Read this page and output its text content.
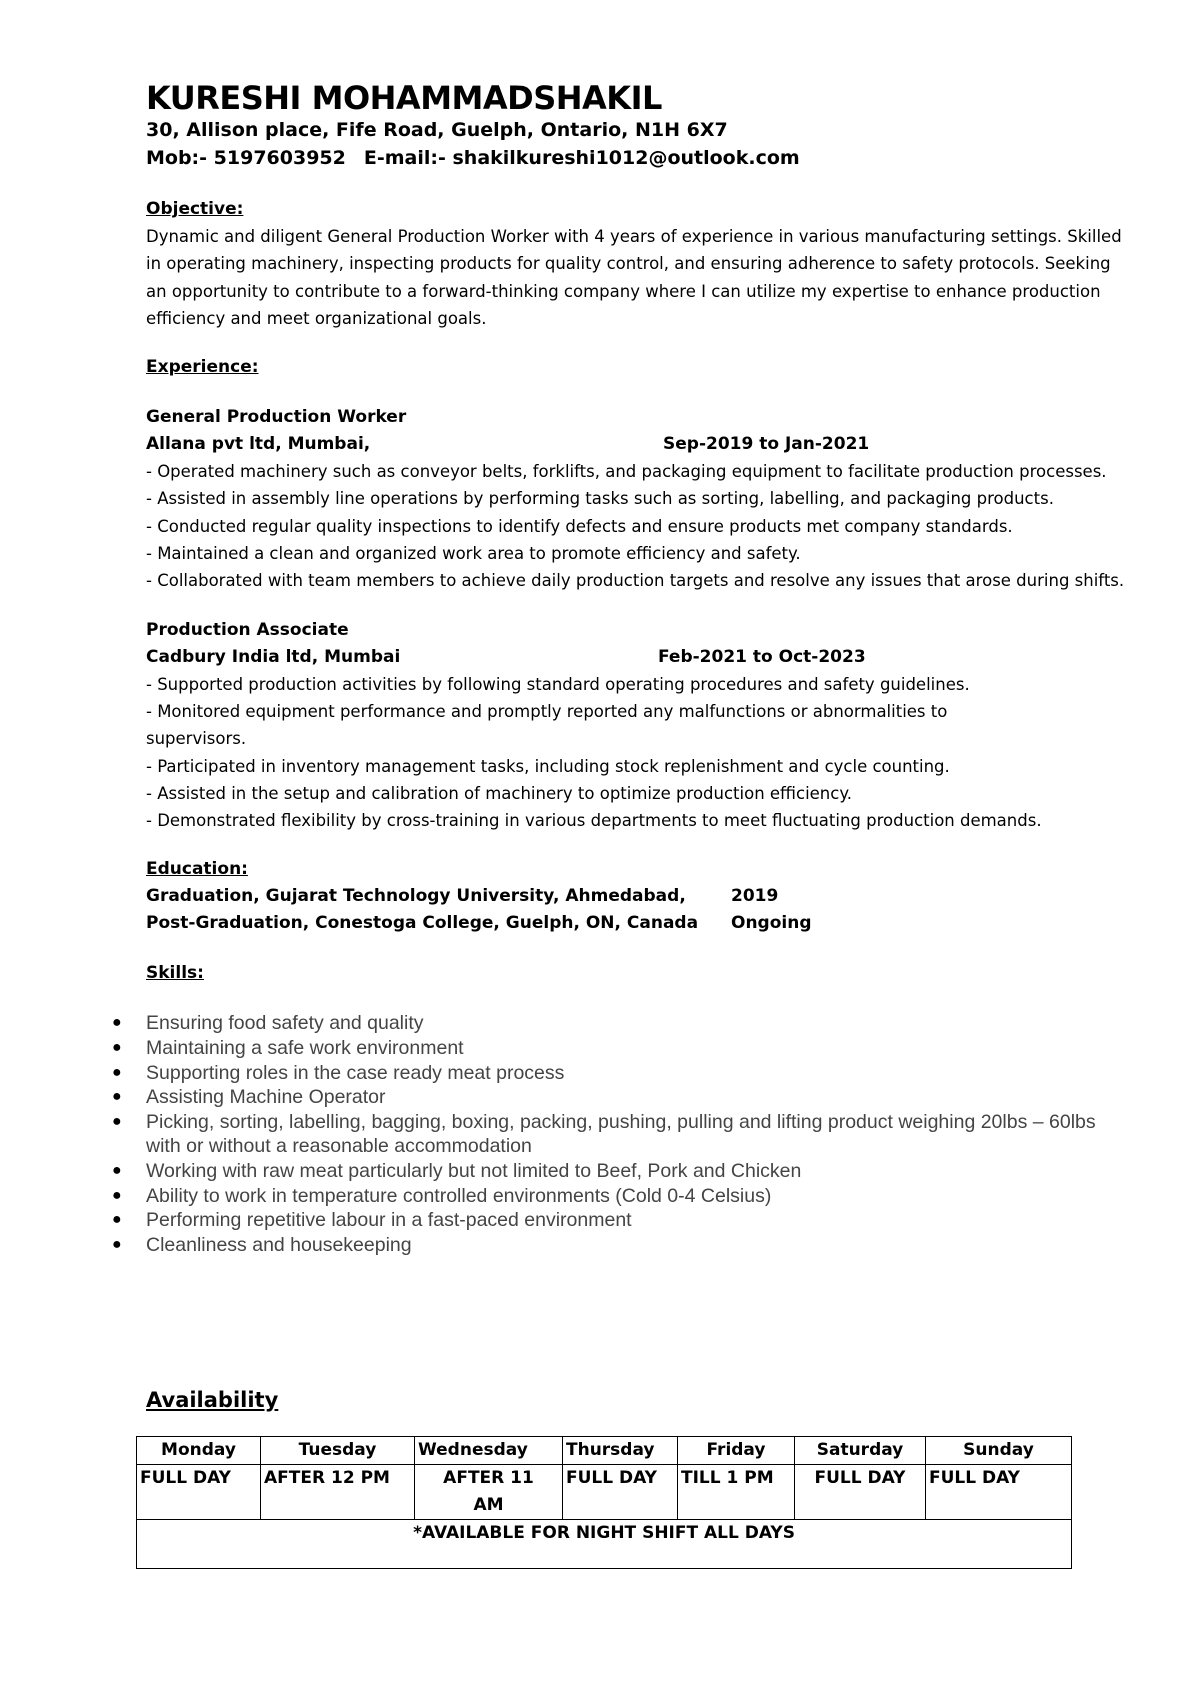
KURESHI MOHAMMADSHAKIL
30, Allison place, Fife Road, Guelph, Ontario, N1H 6X7
Mob:- 5197603952 E-mail:- shakilkureshi1012@outlook.com
Objective:
Dynamic and diligent General Production Worker with 4 years of experience in various manufacturing settings. Skilled in operating machinery, inspecting products for quality control, and ensuring adherence to safety protocols. Seeking an opportunity to contribute to a forward-thinking company where I can utilize my expertise to enhance production efficiency and meet organizational goals.
Experience:
General Production Worker
Allana pvt ltd, Mumbai,	Sep-2019 to Jan-2021
- Operated machinery such as conveyor belts, forklifts, and packaging equipment to facilitate production processes.
- Assisted in assembly line operations by performing tasks such as sorting, labelling, and packaging products.
- Conducted regular quality inspections to identify defects and ensure products met company standards.
- Maintained a clean and organized work area to promote efficiency and safety.
- Collaborated with team members to achieve daily production targets and resolve any issues that arose during shifts.
Production Associate
Cadbury India ltd, Mumbai	Feb-2021 to Oct-2023
- Supported production activities by following standard operating procedures and safety guidelines.
- Monitored equipment performance and promptly reported any malfunctions or abnormalities to supervisors.
- Participated in inventory management tasks, including stock replenishment and cycle counting.
- Assisted in the setup and calibration of machinery to optimize production efficiency.
- Demonstrated flexibility by cross-training in various departments to meet fluctuating production demands.
Education:
Graduation, Gujarat Technology University, Ahmedabad,	2019
Post-Graduation, Conestoga College, Guelph, ON, Canada Ongoing
Skills:
● Ensuring food safety and quality
● Maintaining a safe work environment
● Supporting roles in the case ready meat process
● Assisting Machine Operator
● Picking, sorting, labelling, bagging, boxing, packing, pushing, pulling and lifting product weighing 20lbs – 60lbs with or without a reasonable accommodation
● Working with raw meat particularly but not limited to Beef, Pork and Chicken
● Ability to work in temperature controlled environments (Cold 0-4 Celsius)
● Performing repetitive labour in a fast-paced environment
● Cleanliness and housekeeping
Availability
Monday	Tuesday	Wednesday	Thursday	Friday	Saturday	Sunday
FULL DAY	AFTER 12 PM	AFTER 11 AM	FULL DAY	TILL 1 PM	FULL DAY	FULL DAY
*AVAILABLE FOR NIGHT SHIFT ALL DAYS						
